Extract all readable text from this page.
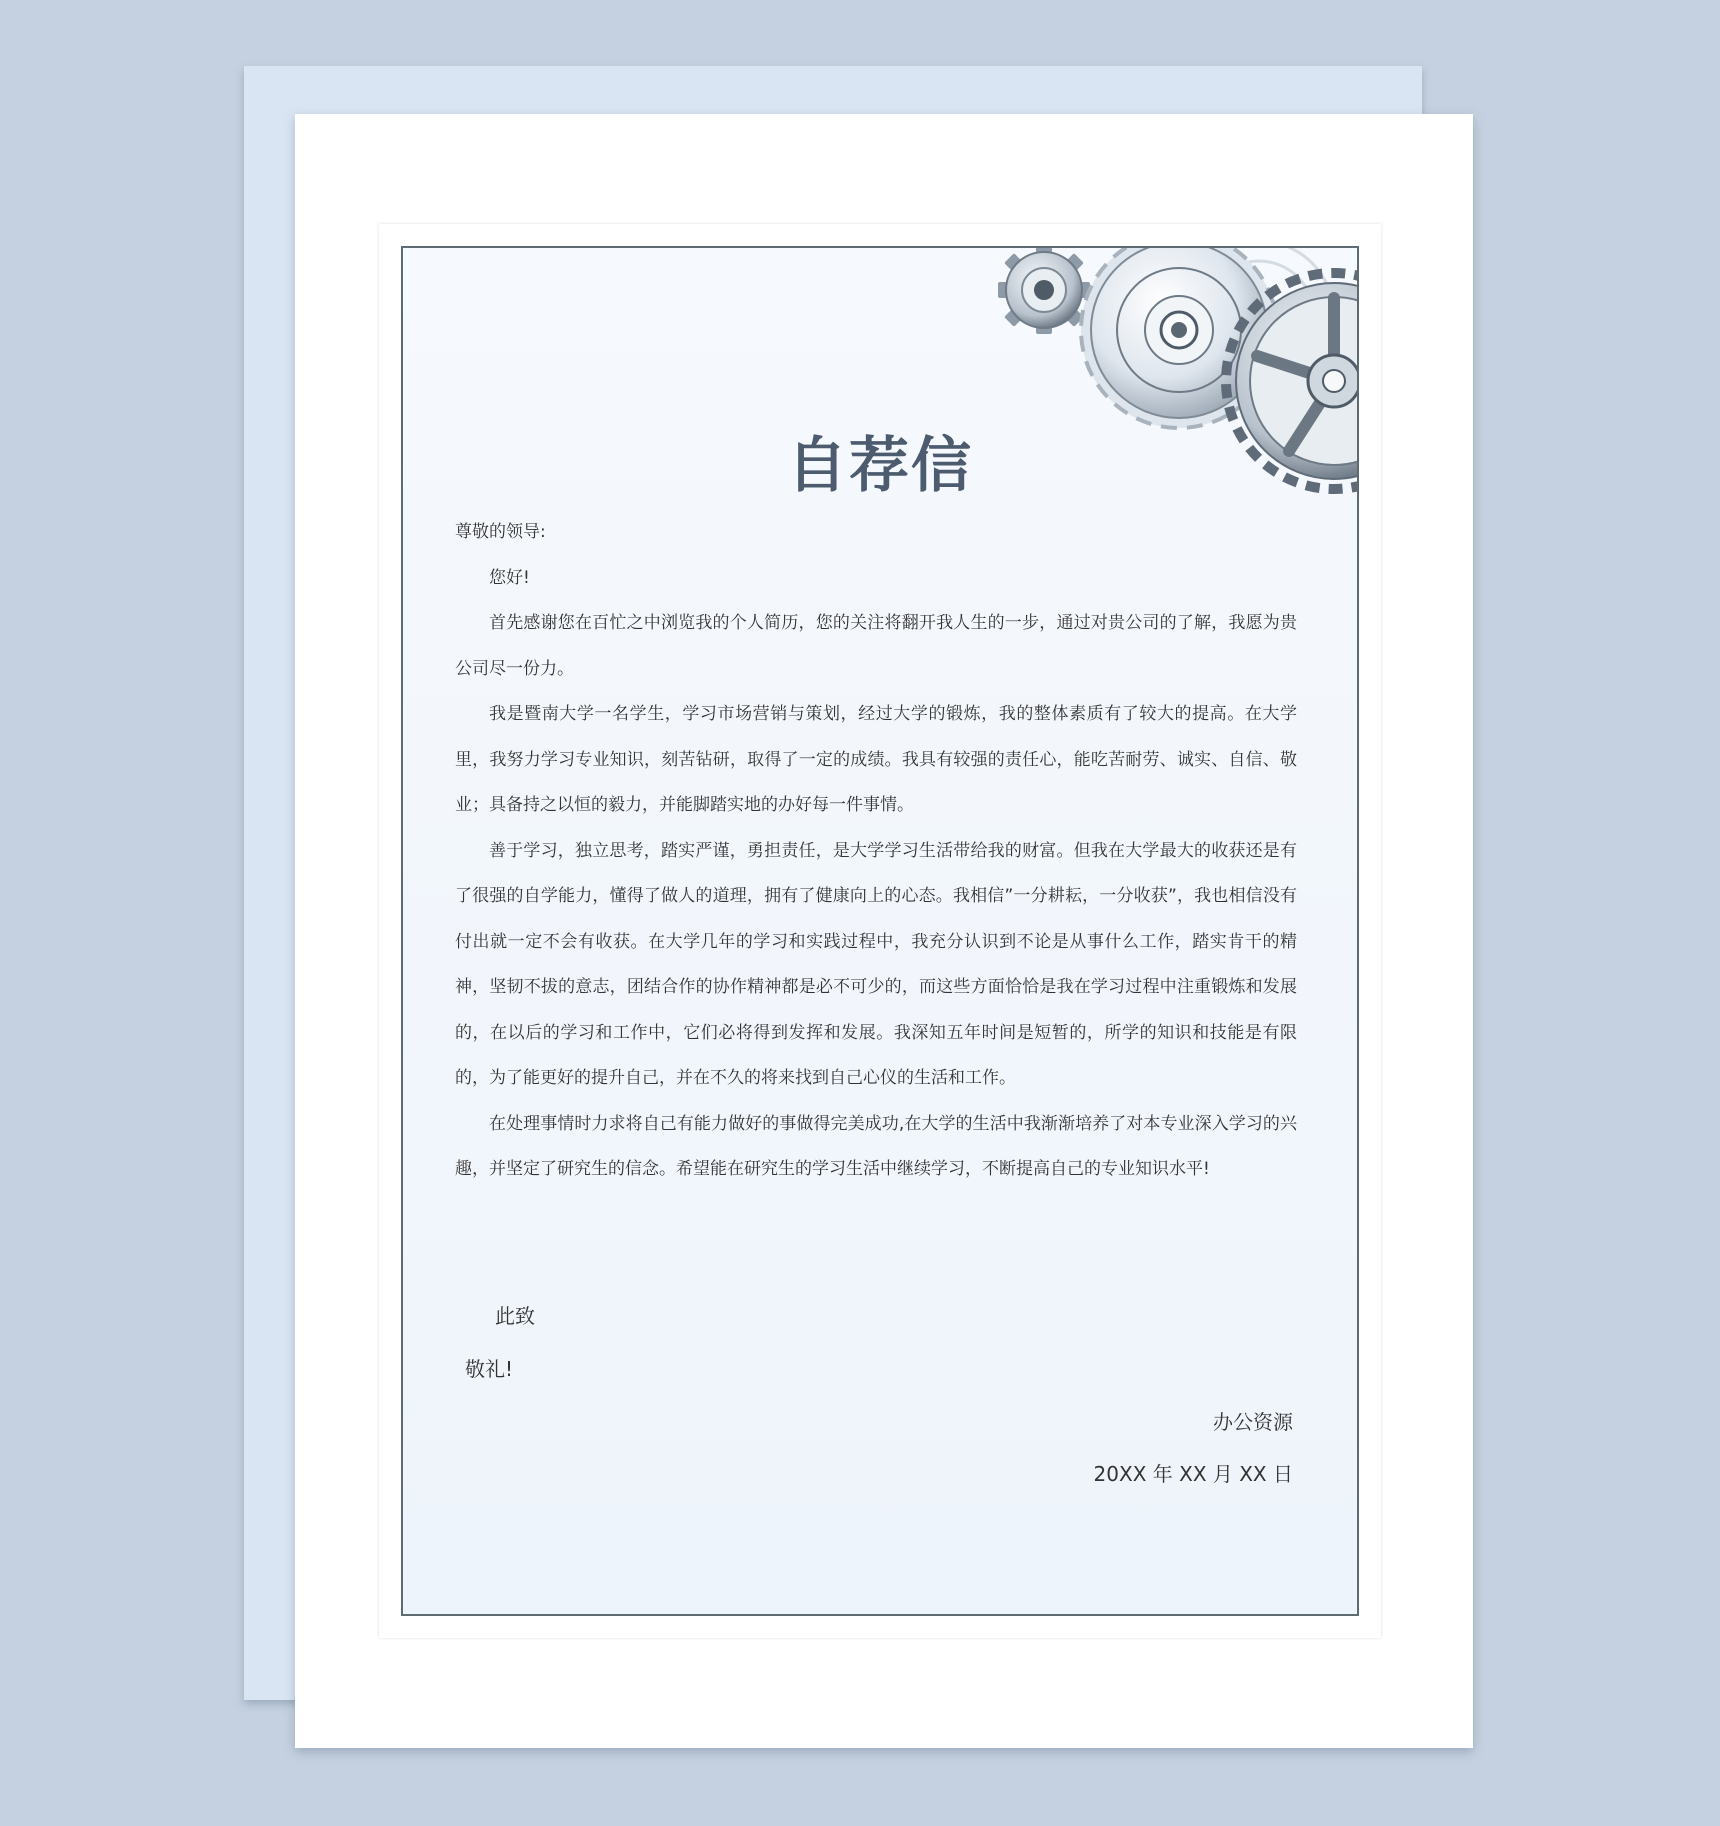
自荐信

尊敬的领导:

您好!

首先感谢您在百忙之中浏览我的个人简历，您的关注将翻开我人生的一步，通过对贵公司的了解，我愿为贵公司尽一份力。

我是暨南大学一名学生，学习市场营销与策划，经过大学的锻炼，我的整体素质有了较大的提高。在大学里，我努力学习专业知识，刻苦钻研，取得了一定的成绩。我具有较强的责任心，能吃苦耐劳、诚实、自信、敬业；具备持之以恒的毅力，并能脚踏实地的办好每一件事情。

善于学习，独立思考，踏实严谨，勇担责任，是大学学习生活带给我的财富。但我在大学最大的收获还是有了很强的自学能力，懂得了做人的道理，拥有了健康向上的心态。我相信”一分耕耘，一分收获”，我也相信没有付出就一定不会有收获。在大学几年的学习和实践过程中，我充分认识到不论是从事什么工作，踏实肯干的精神，坚韧不拔的意志，团结合作的协作精神都是必不可少的，而这些方面恰恰是我在学习过程中注重锻炼和发展的，在以后的学习和工作中，它们必将得到发挥和发展。我深知五年时间是短暂的，所学的知识和技能是有限的，为了能更好的提升自己，并在不久的将来找到自己心仪的生活和工作。

在处理事情时力求将自己有能力做好的事做得完美成功,在大学的生活中我渐渐培养了对本专业深入学习的兴趣，并坚定了研究生的信念。希望能在研究生的学习生活中继续学习，不断提高自己的专业知识水平!

此致
敬礼!
办公资源
20XX 年 XX 月 XX 日
